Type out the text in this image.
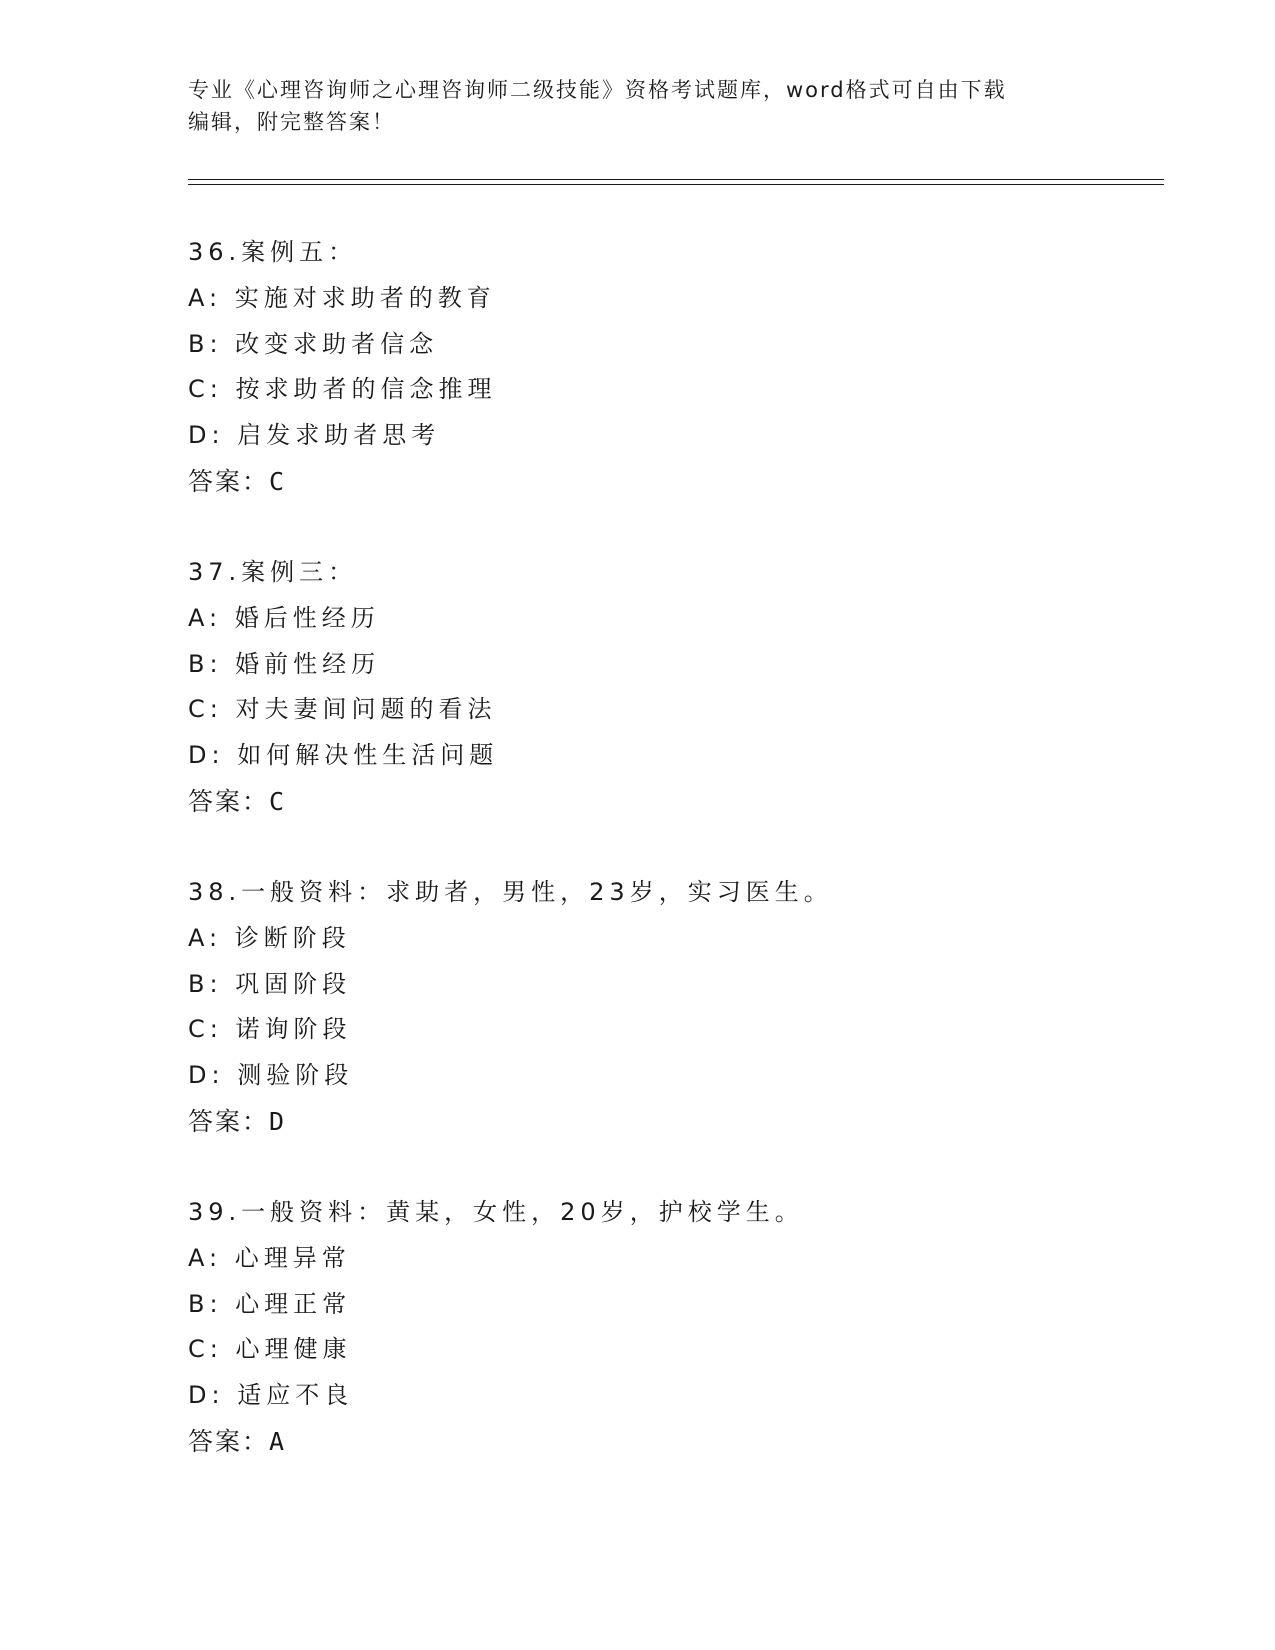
专业《心理咨询师之心理咨询师二级技能》资格考试题库，word格式可自由下载
编辑，附完整答案！
36.案例五：
A: 实施对求助者的教育
B: 改变求助者信念
C: 按求助者的信念推理
D: 启发求助者思考
答案：C
37.案例三：
A: 婚后性经历
B: 婚前性经历
C: 对夫妻间问题的看法
D: 如何解决性生活问题
答案：C
38.一般资料：求助者，男性，23岁，实习医生。
A: 诊断阶段
B: 巩固阶段
C: 诺询阶段
D: 测验阶段
答案：D
39.一般资料：黄某，女性，20岁，护校学生。
A: 心理异常
B: 心理正常
C: 心理健康
D: 适应不良
答案：A
